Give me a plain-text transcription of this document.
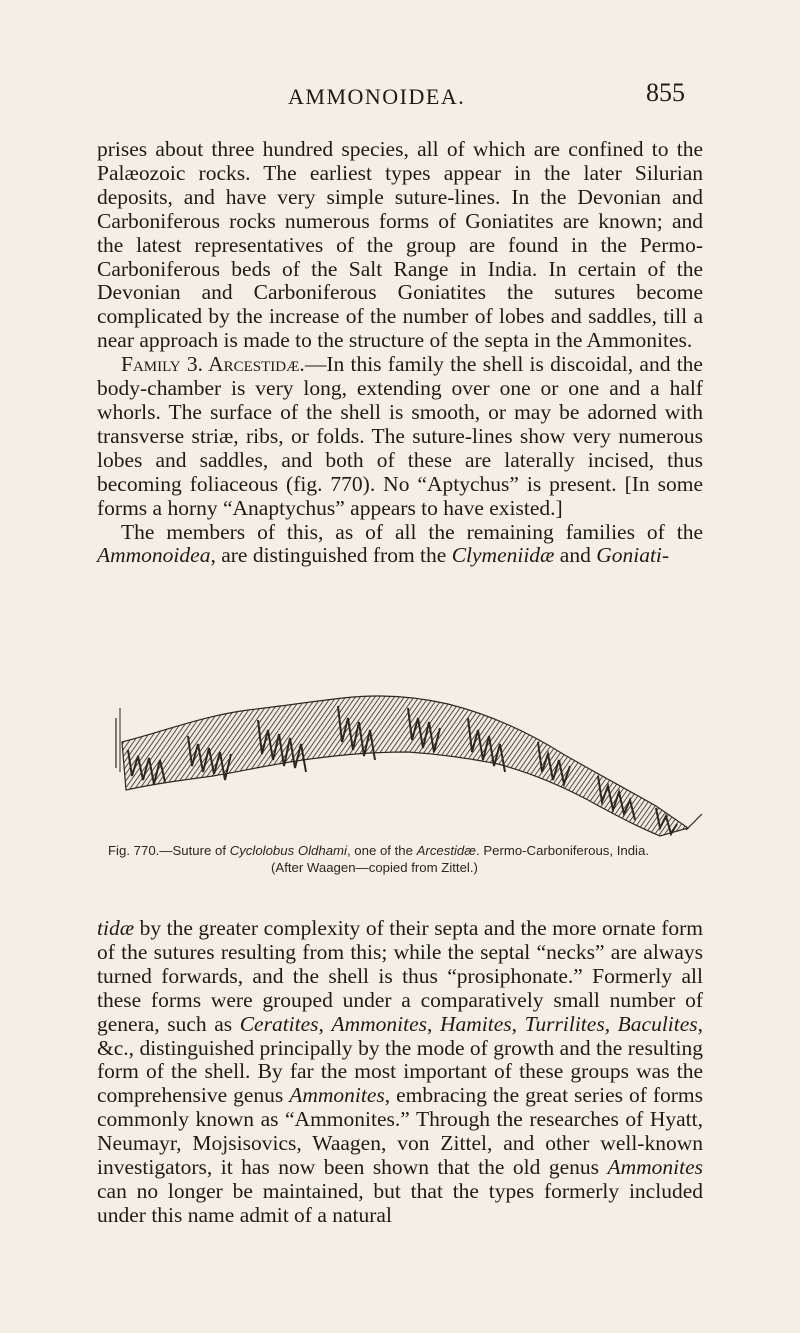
AMMONOIDEA.	855

prises about three hundred species, all of which are confined to the Palæozoic rocks. The earliest types appear in the later Silurian deposits, and have very simple suture-lines. In the Devonian and Carboniferous rocks numerous forms of Goniatites are known; and the latest representatives of the group are found in the Permo-Carboniferous beds of the Salt Range in India. In certain of the Devonian and Carboniferous Goniatites the sutures become complicated by the increase of the number of lobes and saddles, till a near approach is made to the structure of the septa in the Ammonites.

Family 3. Arcestidæ.—In this family the shell is discoidal, and the body-chamber is very long, extending over one or one and a half whorls. The surface of the shell is smooth, or may be adorned with transverse striæ, ribs, or folds. The suture-lines show very numerous lobes and saddles, and both of these are laterally incised, thus becoming foliaceous (fig. 770). No “Aptychus” is present. [In some forms a horny “Anaptychus” appears to have existed.]

The members of this, as of all the remaining families of the Ammonoidea, are distinguished from the Clymeniidæ and Goniati-

Fig. 770.—Suture of Cyclolobus Oldhami, one of the Arcestidæ. Permo-Carboniferous, India.
(After Waagen—copied from Zittel.)

tidæ by the greater complexity of their septa and the more ornate form of the sutures resulting from this; while the septal “necks” are always turned forwards, and the shell is thus “prosiphonate.” Formerly all these forms were grouped under a comparatively small number of genera, such as Ceratites, Ammonites, Hamites, Turrilites, Baculites, &c., distinguished principally by the mode of growth and the resulting form of the shell. By far the most important of these groups was the comprehensive genus Ammonites, embracing the great series of forms commonly known as “Ammonites.” Through the researches of Hyatt, Neumayr, Mojsisovics, Waagen, von Zittel, and other well-known investigators, it has now been shown that the old genus Ammonites can no longer be maintained, but that the types formerly included under this name admit of a natural
